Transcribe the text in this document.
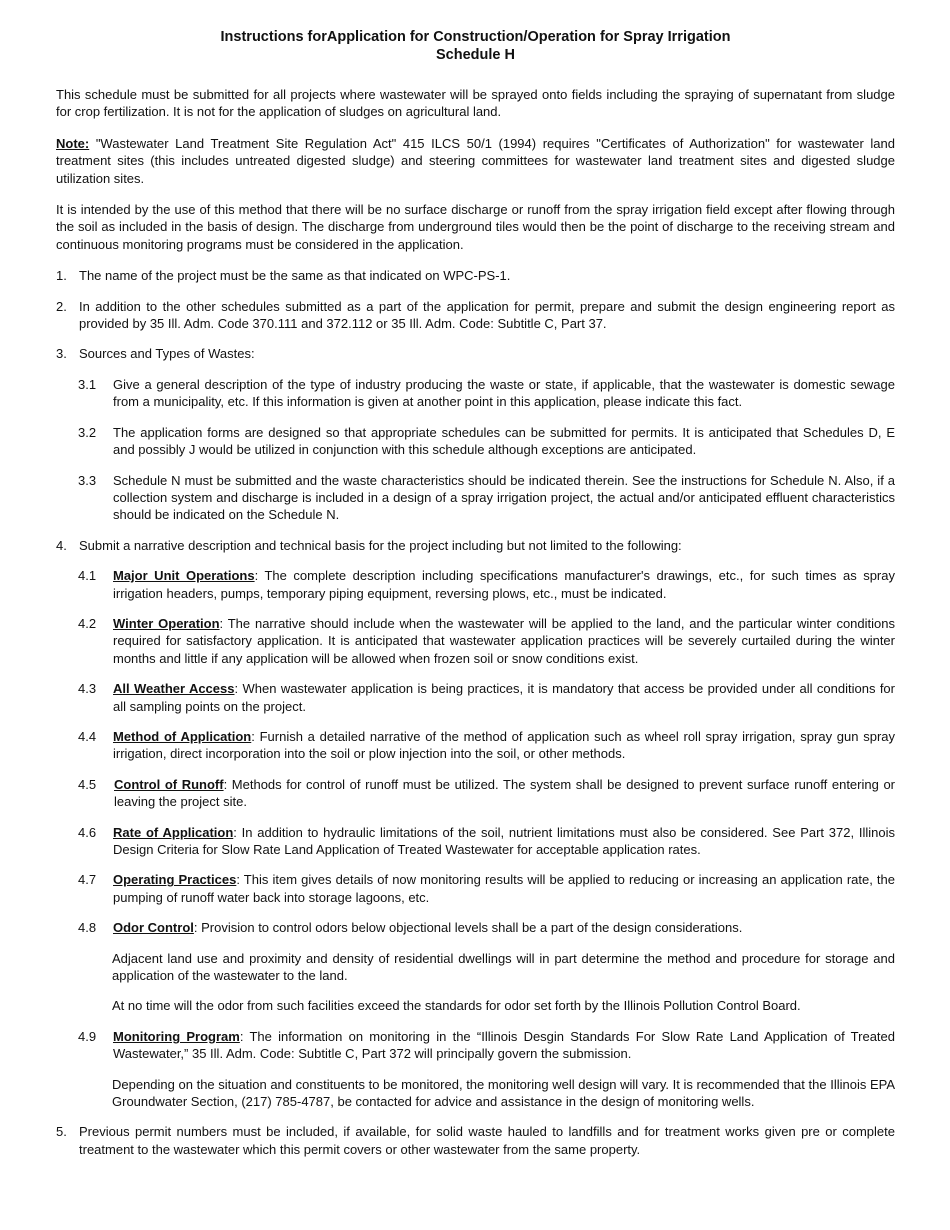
Instructions forApplication for Construction/Operation for Spray Irrigation
Schedule H

This schedule must be submitted for all projects where wastewater will be sprayed onto fields including the spraying of supernatant from sludge for crop fertilization. It is not for the application of sludges on agricultural land.

Note: "Wastewater Land Treatment Site Regulation Act" 415 ILCS 50/1 (1994) requires "Certificates of Authorization" for wastewater land treatment sites (this includes untreated digested sludge) and steering committees for wastewater land treatment sites and digested sludge utilization sites.

It is intended by the use of this method that there will be no surface discharge or runoff from the spray irrigation field except after flowing through the soil as included in the basis of design. The discharge from underground tiles would then be the point of discharge to the receiving stream and continuous monitoring programs must be considered in the application.

1. The name of the project must be the same as that indicated on WPC-PS-1.

2. In addition to the other schedules submitted as a part of the application for permit, prepare and submit the design engineering report as provided by 35 Ill. Adm. Code 370.111 and 372.112 or 35 Ill. Adm. Code: Subtitle C, Part 37.

3. Sources and Types of Wastes:

3.1 Give a general description of the type of industry producing the waste or state, if applicable, that the wastewater is domestic sewage from a municipality, etc. If this information is given at another point in this application, please indicate this fact.

3.2 The application forms are designed so that appropriate schedules can be submitted for permits. It is anticipated that Schedules D, E and possibly J would be utilized in conjunction with this schedule although exceptions are anticipated.

3.3 Schedule N must be submitted and the waste characteristics should be indicated therein. See the instructions for Schedule N. Also, if a collection system and discharge is included in a design of a spray irrigation project, the actual and/or anticipated effluent characteristics should be indicated on the Schedule N.

4. Submit a narrative description and technical basis for the project including but not limited to the following:

4.1 Major Unit Operations: The complete description including specifications manufacturer's drawings, etc., for such times as spray irrigation headers, pumps, temporary piping equipment, reversing plows, etc., must be indicated.

4.2 Winter Operation: The narrative should include when the wastewater will be applied to the land, and the particular winter conditions required for satisfactory application. It is anticipated that wastewater application practices will be severely curtailed during the winter months and little if any application will be allowed when frozen soil or snow conditions exist.

4.3 All Weather Access: When wastewater application is being practices, it is mandatory that access be provided under all conditions for all sampling points on the project.

4.4 Method of Application: Furnish a detailed narrative of the method of application such as wheel roll spray irrigation, spray gun spray irrigation, direct incorporation into the soil or plow injection into the soil, or other methods.

4.5 Control of Runoff: Methods for control of runoff must be utilized. The system shall be designed to prevent surface runoff entering or leaving the project site.

4.6 Rate of Application: In addition to hydraulic limitations of the soil, nutrient limitations must also be considered. See Part 372, Illinois Design Criteria for Slow Rate Land Application of Treated Wastewater for acceptable application rates.

4.7 Operating Practices: This item gives details of now monitoring results will be applied to reducing or increasing an application rate, the pumping of runoff water back into storage lagoons, etc.

4.8 Odor Control: Provision to control odors below objectional levels shall be a part of the design considerations.

Adjacent land use and proximity and density of residential dwellings will in part determine the method and procedure for storage and application of the wastewater to the land.

At no time will the odor from such facilities exceed the standards for odor set forth by the Illinois Pollution Control Board.

4.9 Monitoring Program: The information on monitoring in the “Illinois Desgin Standards For Slow Rate Land Application of Treated Wastewater,” 35 Ill. Adm. Code: Subtitle C, Part 372 will principally govern the submission.

Depending on the situation and constituents to be monitored, the monitoring well design will vary. It is recommended that the Illinois EPA Groundwater Section, (217) 785-4787, be contacted for advice and assistance in the design of monitoring wells.

5. Previous permit numbers must be included, if available, for solid waste hauled to landfills and for treatment works given pre or complete treatment to the wastewater which this permit covers or other wastewater from the same property.
